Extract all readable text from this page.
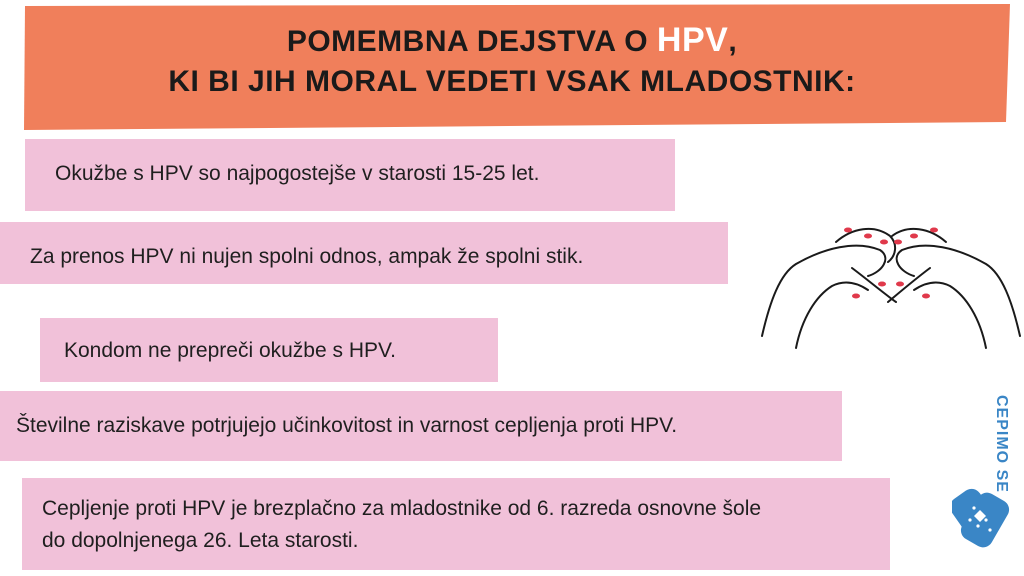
POMEMBNA DEJSTVA O HPV,
KI BI JIH MORAL VEDETI VSAK MLADOSTNIK:
Okužbe s HPV so najpogostejše v starosti 15-25 let.
Za prenos HPV ni nujen spolni odnos, ampak že spolni stik.
Kondom ne prepreči okužbe s HPV.
Številne raziskave potrjujejo učinkovitost in varnost cepljenja proti HPV.
Cepljenje proti HPV je brezplačno za mladostnike od 6. razreda osnovne šole
do dopolnjenega 26. Leta starosti.
CEPIMO SE
